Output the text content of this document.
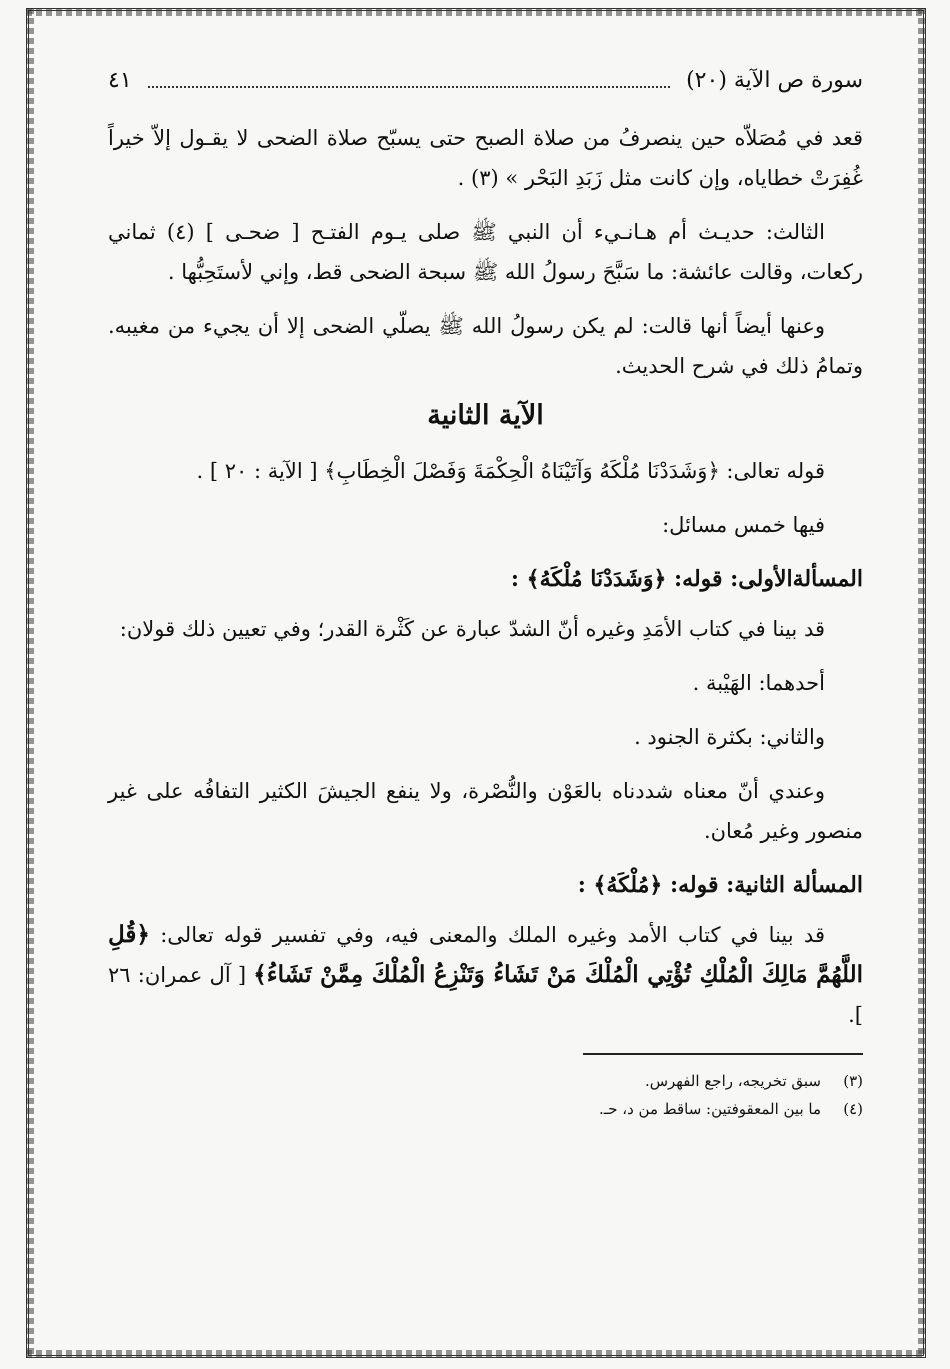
سورة ص الآية (٢٠)
٤١

قعد في مُصَلاّه حين ينصرفُ من صلاة الصبح حتى يسبّح صلاة الضحى لا يقـول إلاّ خيراً غُفِرَتْ خطاياه، وإن كانت مثل زَبَدِ البَحْر » (٣) .

الثالث: حديـث أم هـانـيء أن النبي ﷺ صلى يـوم الفتـح [ ضحـى ] (٤) ثماني ركعات، وقالت عائشة: ما سَبَّحَ رسولُ الله ﷺ سبحة الضحى قط، وإني لأستَحِبُّها .

وعنها أيضاً أنها قالت: لم يكن رسولُ الله ﷺ يصلّي الضحى إلا أن يجيء من مغيبه. وتمامُ ذلك في شرح الحديث.

الآية الثانية

قوله تعالى: ﴿وَشَدَدْنَا مُلْكَهُ وَآتَيْنَاهُ الْحِكْمَةَ وَفَصْلَ الْخِطَابِ﴾ [ الآية : ٢٠ ] .

فيها خمس مسائل:

المسألةالأولى: قوله: ﴿وَشَدَدْنَا مُلْكَهُ﴾ :

قد بينا في كتاب الأمَدِ وغيره أنّ الشدّ عبارة عن كَثْرة القدر؛ وفي تعيين ذلك قولان:

أحدهما: الهَيْبة .

والثاني: بكثرة الجنود .

وعندي أنّ معناه شددناه بالعَوْن والنُّصْرة، ولا ينفع الجيشَ الكثير التفافُه على غير منصور وغير مُعان.

المسألة الثانية: قوله: ﴿مُلْكَهُ﴾ :

قد بينا في كتاب الأمد وغيره الملك والمعنى فيه، وفي تفسير قوله تعالى: ﴿قُلِ اللَّهُمَّ مَالِكَ الْمُلْكِ تُؤْتِي الْمُلْكَ مَنْ تَشَاءُ وَتَنْزِعُ الْمُلْكَ مِمَّنْ تَشَاءُ﴾ [ آل عمران: ٢٦ ].

(٣)
سبق تخريجه، راجع الفهرس.
(٤)
ما بين المعقوفتين: ساقط من د، حـ.
